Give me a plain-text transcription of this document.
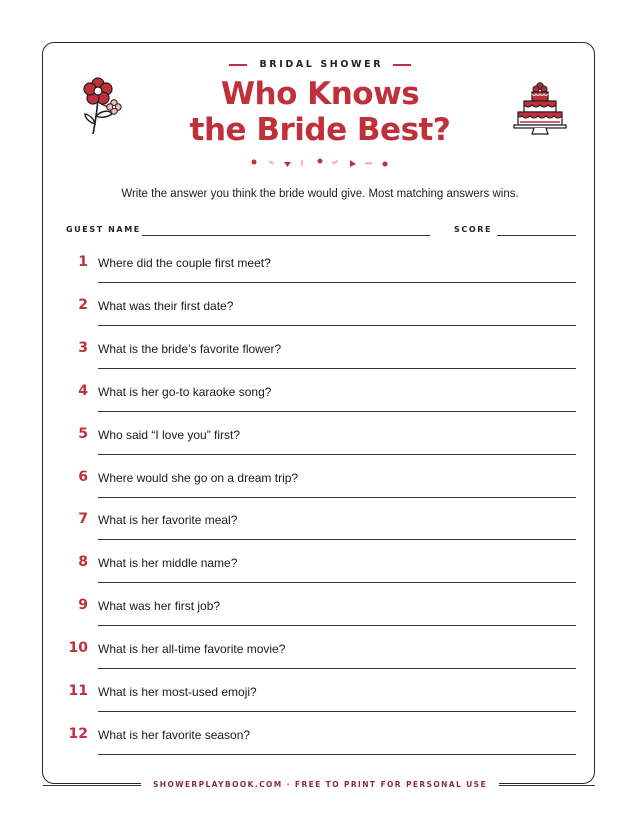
BRIDAL SHOWER
Who Knows
the Bride Best?
Write the answer you think the bride would give. Most matching answers wins.
GUEST NAME	SCORE
1 Where did the couple first meet?
2 What was their first date?
3 What is the bride’s favorite flower?
4 What is her go-to karaoke song?
5 Who said “I love you” first?
6 Where would she go on a dream trip?
7 What is her favorite meal?
8 What is her middle name?
9 What was her first job?
10 What is her all-time favorite movie?
11 What is her most-used emoji?
12 What is her favorite season?
SHOWERPLAYBOOK.COM · FREE TO PRINT FOR PERSONAL USE
